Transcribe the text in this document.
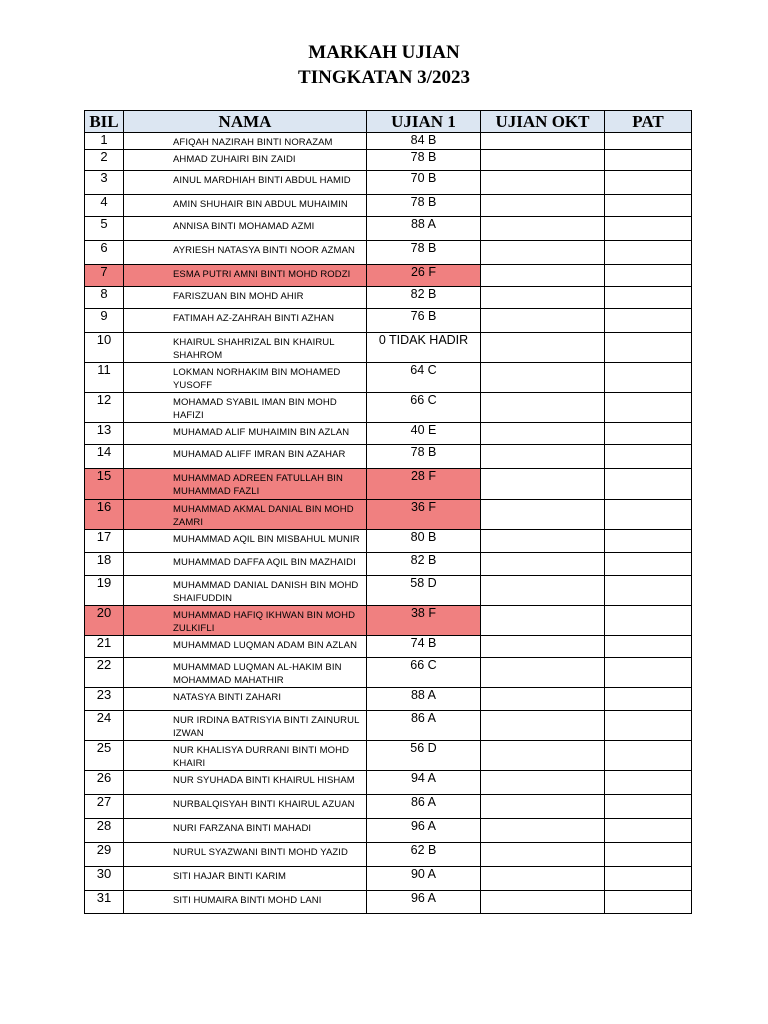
MARKAH UJIAN
TINGKATAN 3/2023
BIL	NAMA	UJIAN 1	UJIAN OKT	PAT
1	AFIQAH NAZIRAH BINTI NORAZAM	84 B		
2	AHMAD ZUHAIRI BIN ZAIDI	78 B		
3	AINUL MARDHIAH BINTI ABDUL HAMID	70 B		
4	AMIN SHUHAIR BIN ABDUL MUHAIMIN	78 B		
5	ANNISA BINTI MOHAMAD AZMI	88 A		
6	AYRIESH NATASYA BINTI NOOR AZMAN	78 B		
7	ESMA PUTRI AMNI BINTI MOHD RODZI	26 F		
8	FARISZUAN BIN MOHD AHIR	82 B		
9	FATIMAH AZ-ZAHRAH BINTI AZHAN	76 B		
10	KHAIRUL SHAHRIZAL BIN KHAIRUL SHAHROM	0 TIDAK HADIR		
11	LOKMAN NORHAKIM BIN MOHAMED YUSOFF	64 C		
12	MOHAMAD SYABIL IMAN BIN MOHD HAFIZI	66 C		
13	MUHAMAD ALIF MUHAIMIN BIN AZLAN	40 E		
14	MUHAMAD ALIFF IMRAN BIN AZAHAR	78 B		
15	MUHAMMAD ADREEN FATULLAH BIN MUHAMMAD FAZLI	28 F		
16	MUHAMMAD AKMAL DANIAL BIN MOHD ZAMRI	36 F		
17	MUHAMMAD AQIL BIN MISBAHUL MUNIR	80 B		
18	MUHAMMAD DAFFA AQIL BIN MAZHAIDI	82 B		
19	MUHAMMAD DANIAL DANISH BIN MOHD SHAIFUDDIN	58 D		
20	MUHAMMAD HAFIQ IKHWAN BIN MOHD ZULKIFLI	38 F		
21	MUHAMMAD LUQMAN ADAM BIN AZLAN	74 B		
22	MUHAMMAD LUQMAN AL-HAKIM BIN MOHAMMAD MAHATHIR	66 C		
23	NATASYA BINTI ZAHARI	88 A		
24	NUR IRDINA BATRISYIA BINTI ZAINURUL IZWAN	86 A		
25	NUR KHALISYA DURRANI BINTI MOHD KHAIRI	56 D		
26	NUR SYUHADA BINTI KHAIRUL HISHAM	94 A		
27	NURBALQISYAH BINTI KHAIRUL AZUAN	86 A		
28	NURI FARZANA BINTI MAHADI	96 A		
29	NURUL SYAZWANI BINTI MOHD YAZID	62 B		
30	SITI HAJAR BINTI KARIM	90 A		
31	SITI HUMAIRA BINTI MOHD LANI	96 A		
